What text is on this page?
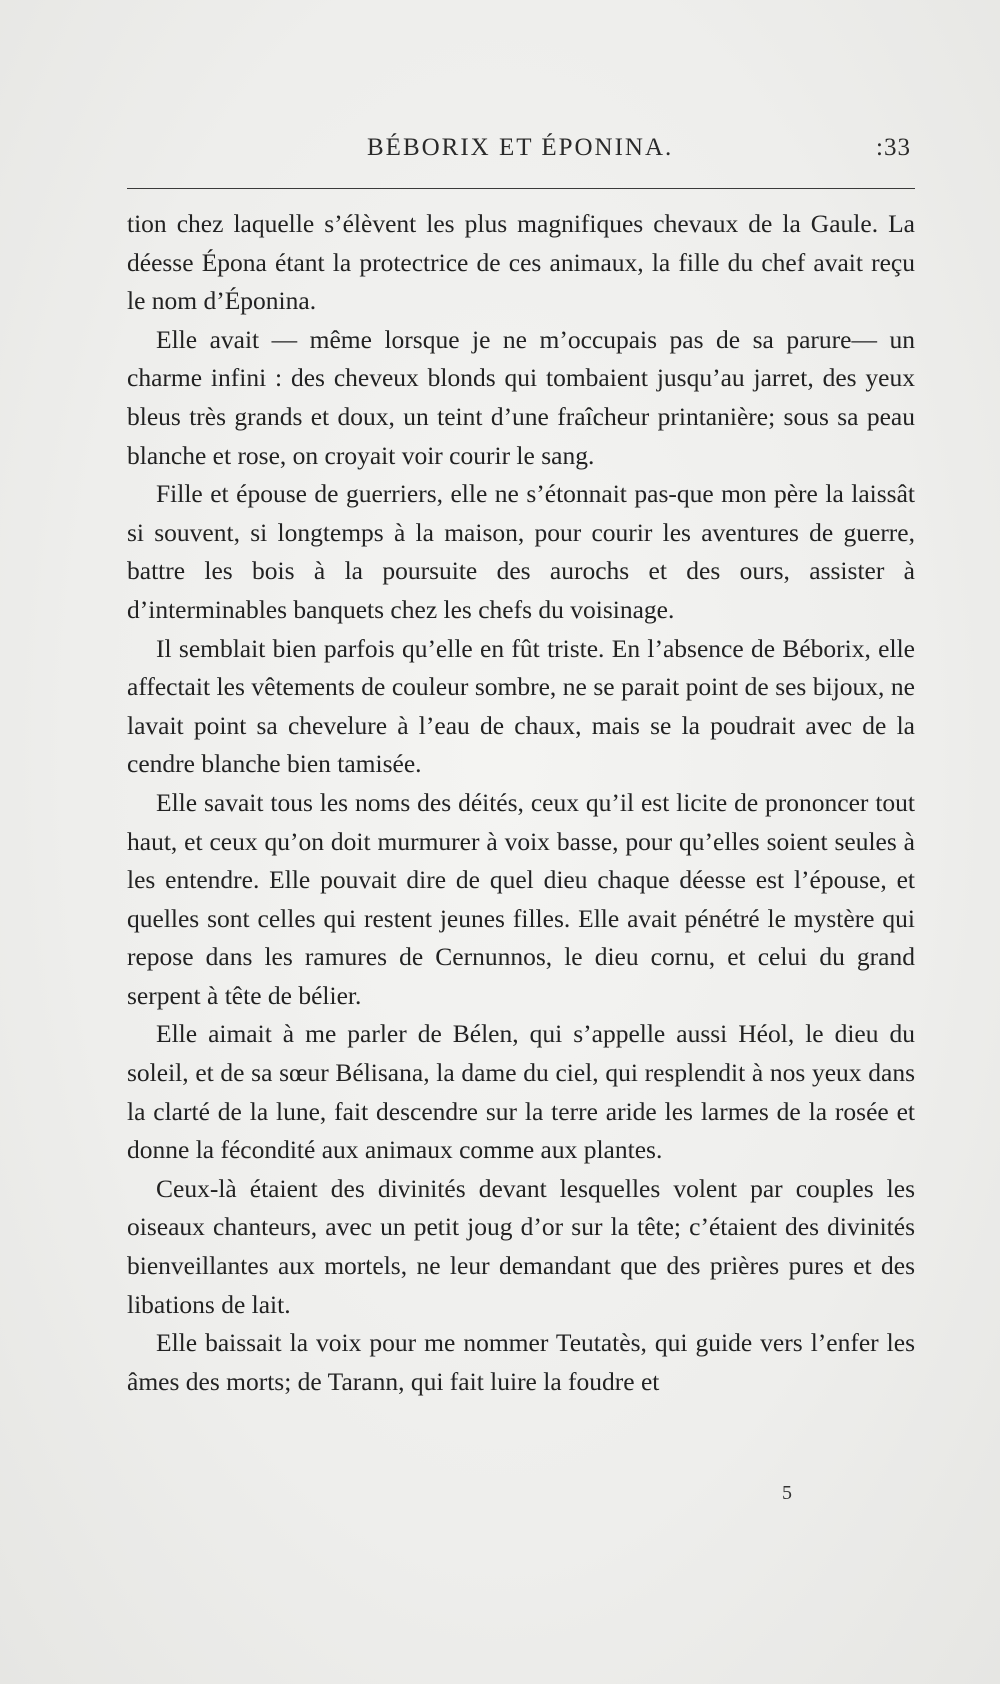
BÉBORIX ET ÉPONINA.	:33

tion chez laquelle s’élèvent les plus magnifiques chevaux de la Gaule. La déesse Épona étant la protectrice de ces animaux, la fille du chef avait reçu le nom d’Éponina.

Elle avait — même lorsque je ne m’occupais pas de sa parure— un charme infini : des cheveux blonds qui tombaient jusqu’au jarret, des yeux bleus très grands et doux, un teint d’une fraîcheur printanière; sous sa peau blanche et rose, on croyait voir courir le sang.

Fille et épouse de guerriers, elle ne s’étonnait pas‑que mon père la laissât si souvent, si longtemps à la maison, pour courir les aventures de guerre, battre les bois à la poursuite des aurochs et des ours, assister à d’interminables banquets chez les chefs du voisinage.

Il semblait bien parfois qu’elle en fût triste. En l’absence de Béborix, elle affectait les vêtements de couleur sombre, ne se parait point de ses bijoux, ne lavait point sa chevelure à l’eau de chaux, mais se la poudrait avec de la cendre blanche bien tamisée.

Elle savait tous les noms des déités, ceux qu’il est licite de prononcer tout haut, et ceux qu’on doit murmurer à voix basse, pour qu’elles soient seules à les entendre. Elle pouvait dire de quel dieu chaque déesse est l’épouse, et quelles sont celles qui restent jeunes filles. Elle avait pénétré le mystère qui repose dans les ramures de Cernunnos, le dieu cornu, et celui du grand serpent à tête de bélier.

Elle aimait à me parler de Bélen, qui s’appelle aussi Héol, le dieu du soleil, et de sa sœur Bélisana, la dame du ciel, qui resplendit à nos yeux dans la clarté de la lune, fait descendre sur la terre aride les larmes de la rosée et donne la fécondité aux animaux comme aux plantes.

Ceux-là étaient des divinités devant lesquelles volent par couples les oiseaux chanteurs, avec un petit joug d’or sur la tête; c’étaient des divinités bienveillantes aux mortels, ne leur demandant que des prières pures et des libations de lait.

Elle baissait la voix pour me nommer Teutatès, qui guide vers l’enfer les âmes des morts; de Tarann, qui fait luire la foudre et

5
